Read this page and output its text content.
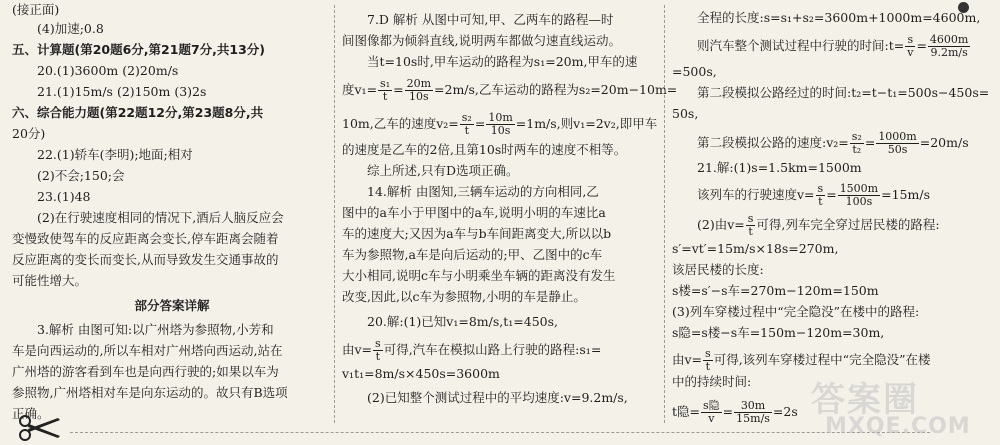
(接正面)
(4)加速;0.8
五、计算题(第20题6分,第21题7分,共13分)
20.(1)3600m (2)20m/s
21.(1)15m/s (2)150m (3)2s
六、综合能力题(第22题12分,第23题8分,共
20分)
22.(1)轿车(李明);地面;相对
(2)不会;150;会
23.(1)48
(2)在行驶速度相同的情况下,酒后人脑反应会
变慢致使驾车的反应距离会变长,停车距离会随着
反应距离的变长而变长,从而导致发生交通事故的
可能性增大。
部分答案详解
3.解析 由图可知:以广州塔为参照物,小芳和
车是向西运动的,所以车相对广州塔向西运动,站在
广州塔的游客看到车也是向西行驶的;如果以车为
参照物,广州塔相对车是向东运动的。故只有B选项
正确。
7.D 解析 从图中可知,甲、乙两车的路程—时
间图像都为倾斜直线,说明两车都做匀速直线运动。
当t=10s时,甲车运动的路程为s₁=20m,甲车的速
度$v_1= \frac{\text{s₁}}{t} = \frac{20m}{10s} =2m/s$,乙车运动的路程为s₂=20m−10m=
10m,乙车的速度$v_2= \frac{\text{s₂}}{t} = \frac{10m}{10s} =1m/s$,则v₁=2v₂,即甲车
的速度是乙车的2倍,且第10s时两车的速度不相等。
综上所述,只有D选项正确。
14.解析 由图知,三辆车运动的方向相同,乙
图中的a车小于甲图中的a车,说明小明的车速比a
车的速度大;又因为a车与b车间距离变大,所以以b
车为参照物,a车是向后运动的;甲、乙图中的c车
大小相同,说明c车与小明乘坐车辆的距离没有发生
改变,因此,以c车为参照物,小明的车是静止。
20.解:(1)已知v₁=8m/s,t₁=450s,
由$v= \frac{s}{t}$ 可得,汽车在模拟山路上行驶的路程:s₁=
v₁t₁=8m/s×450s=3600m
(2)已知整个测试过程中的平均速度:v=9.2m/s,
全程的长度:s=s₁+s₂=3600m+1000m=4600m,
则汽车整个测试过程中行驶的时间:t= $\frac{s}{v} = \frac{4600m}{9.2m/s}$
=500s,
第二段模拟公路经过的时间:t₂=t−t₁=500s−450s=
50s,
第二段模拟公路的速度:v₂= $\frac{\text{s₂}}{\text{t₂}} = \frac{1000m}{50s} =20m/s$
21.解:(1)s=1.5km=1500m
该列车的行驶速度$v= \frac{s}{t} = \frac{1500m}{100s} =15m/s$
(2)由$v= \frac{s}{t}$ 可得,列车完全穿过居民楼的路程:
s′=vt′=15m/s×18s=270m,
该居民楼的长度:
s楼=s′−s车=270m−120m=150m
(3)列车穿楼过程中“完全隐没”在楼中的路程:
s隐=s楼−s车=150m−120m=30m,
由$v= \frac{s}{t}$ 可得,该列车穿楼过程中“完全隐没”在楼
中的持续时间:
t隐= $\frac{\text{s隐}}{v} = \frac{30m}{15m/s} =2s$ 答案圈
MXQE.COM
